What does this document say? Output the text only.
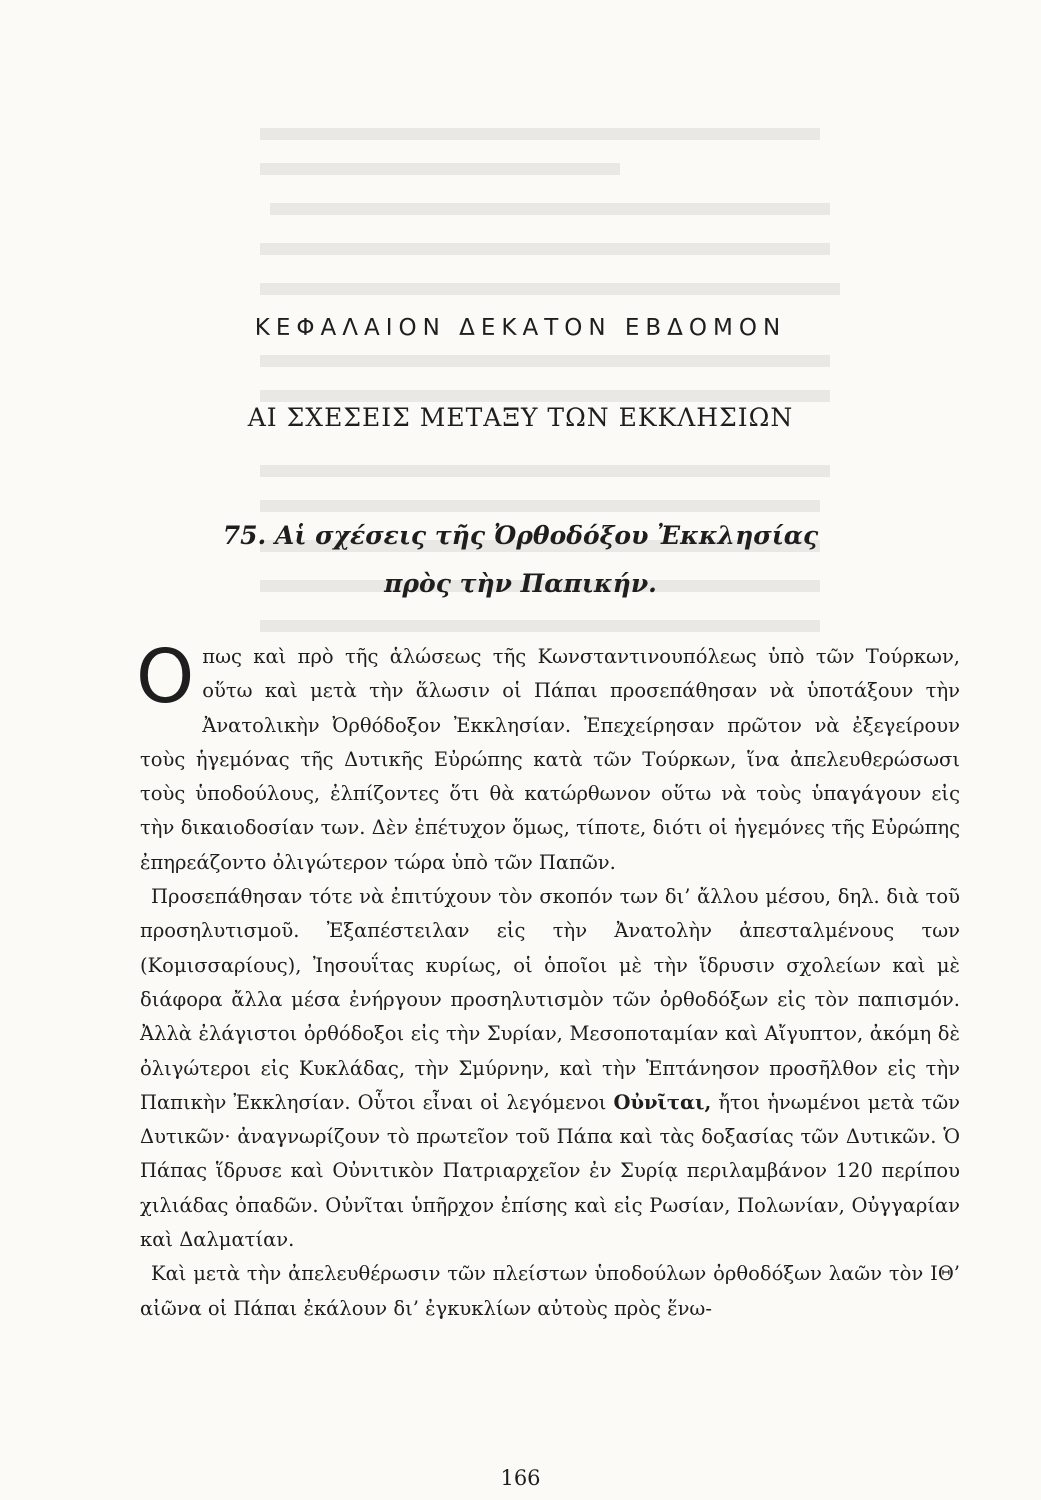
ΚΕΦΑΛΑΙΟΝ ΔΕΚΑΤΟΝ ΕΒΔΟΜΟΝ
ΑΙ ΣΧΕΣΕΙΣ ΜΕΤΑΞΥ ΤΩΝ ΕΚΚΛΗΣΙΩΝ
75. Αἱ σχέσεις τῆς Ὀρθοδόξου Ἐκκλησίας
πρὸς τὴν Παπικήν.

Οπως καὶ πρὸ τῆς ἁλώσεως τῆς Κωνσταντινουπόλεως ὑπὸ τῶν Τούρκων, οὕτω καὶ μετὰ τὴν ἅλωσιν οἱ Πάπαι προσεπάθησαν νὰ ὑποτάξουν τὴν Ἀνατολικὴν Ὀρθόδοξον Ἐκκλησίαν. Ἐπεχείρησαν πρῶτον νὰ ἐξεγείρουν τοὺς ἡγεμόνας τῆς Δυτικῆς Εὐρώπης κατὰ τῶν Τούρκων, ἵνα ἀπελευθερώσωσι τοὺς ὑποδούλους, ἐλπίζοντες ὅτι θὰ κατώρθωνον οὕτω νὰ τοὺς ὑπαγάγουν εἰς τὴν δικαιοδοσίαν των. Δὲν ἐπέτυχον ὅμως, τίποτε, διότι οἱ ἡγεμόνες τῆς Εὐρώπης ἐπηρεάζοντο ὀλιγώτερον τώρα ὑπὸ τῶν Παπῶν.

Προσεπάθησαν τότε νὰ ἐπιτύχουν τὸν σκοπόν των δι’ ἄλλου μέσου, δηλ. διὰ τοῦ προσηλυτισμοῦ. Ἐξαπέστειλαν εἰς τὴν Ἀνατολὴν ἀπεσταλμένους των (Κομισσαρίους), Ἰησουΐτας κυρίως, οἱ ὁποῖοι μὲ τὴν ἵδρυσιν σχολείων καὶ μὲ διάφορα ἄλλα μέσα ἐνήργουν προσηλυτισμὸν τῶν ὀρθοδόξων εἰς τὸν παπισμόν. Ἀλλὰ ἐλάγιστοι ὀρθόδοξοι εἰς τὴν Συρίαν, Μεσοποταμίαν καὶ Αἴγυπτον, ἀκόμη δὲ ὀλιγώτεροι εἰς Κυκλάδας, τὴν Σμύρνην, καὶ τὴν Ἑπτάνησον προσῆλθον εἰς τὴν Παπικὴν Ἐκκλησίαν. Οὗτοι εἶναι οἱ λεγόμενοι Οὐνῖται, ἤτοι ἡνωμένοι μετὰ τῶν Δυτικῶν· ἀναγνωρίζουν τὸ πρωτεῖον τοῦ Πάπα καὶ τὰς δοξασίας τῶν Δυτικῶν. Ὁ Πάπας ἵδρυσε καὶ Οὐνιτικὸν Πατριαρχεῖον ἐν Συρίᾳ περιλαμβάνον 120 περίπου χιλιάδας ὀπαδῶν. Οὐνῖται ὑπῆρχον ἐπίσης καὶ εἰς Ρωσίαν, Πολωνίαν, Οὐγγαρίαν καὶ Δαλματίαν.

Καὶ μετὰ τὴν ἀπελευθέρωσιν τῶν πλείστων ὑποδούλων ὀρθοδόξων λαῶν τὸν ΙΘ’ αἰῶνα οἱ Πάπαι ἐκάλουν δι’ ἐγκυκλίων αὐτοὺς πρὸς ἕνω-

166
